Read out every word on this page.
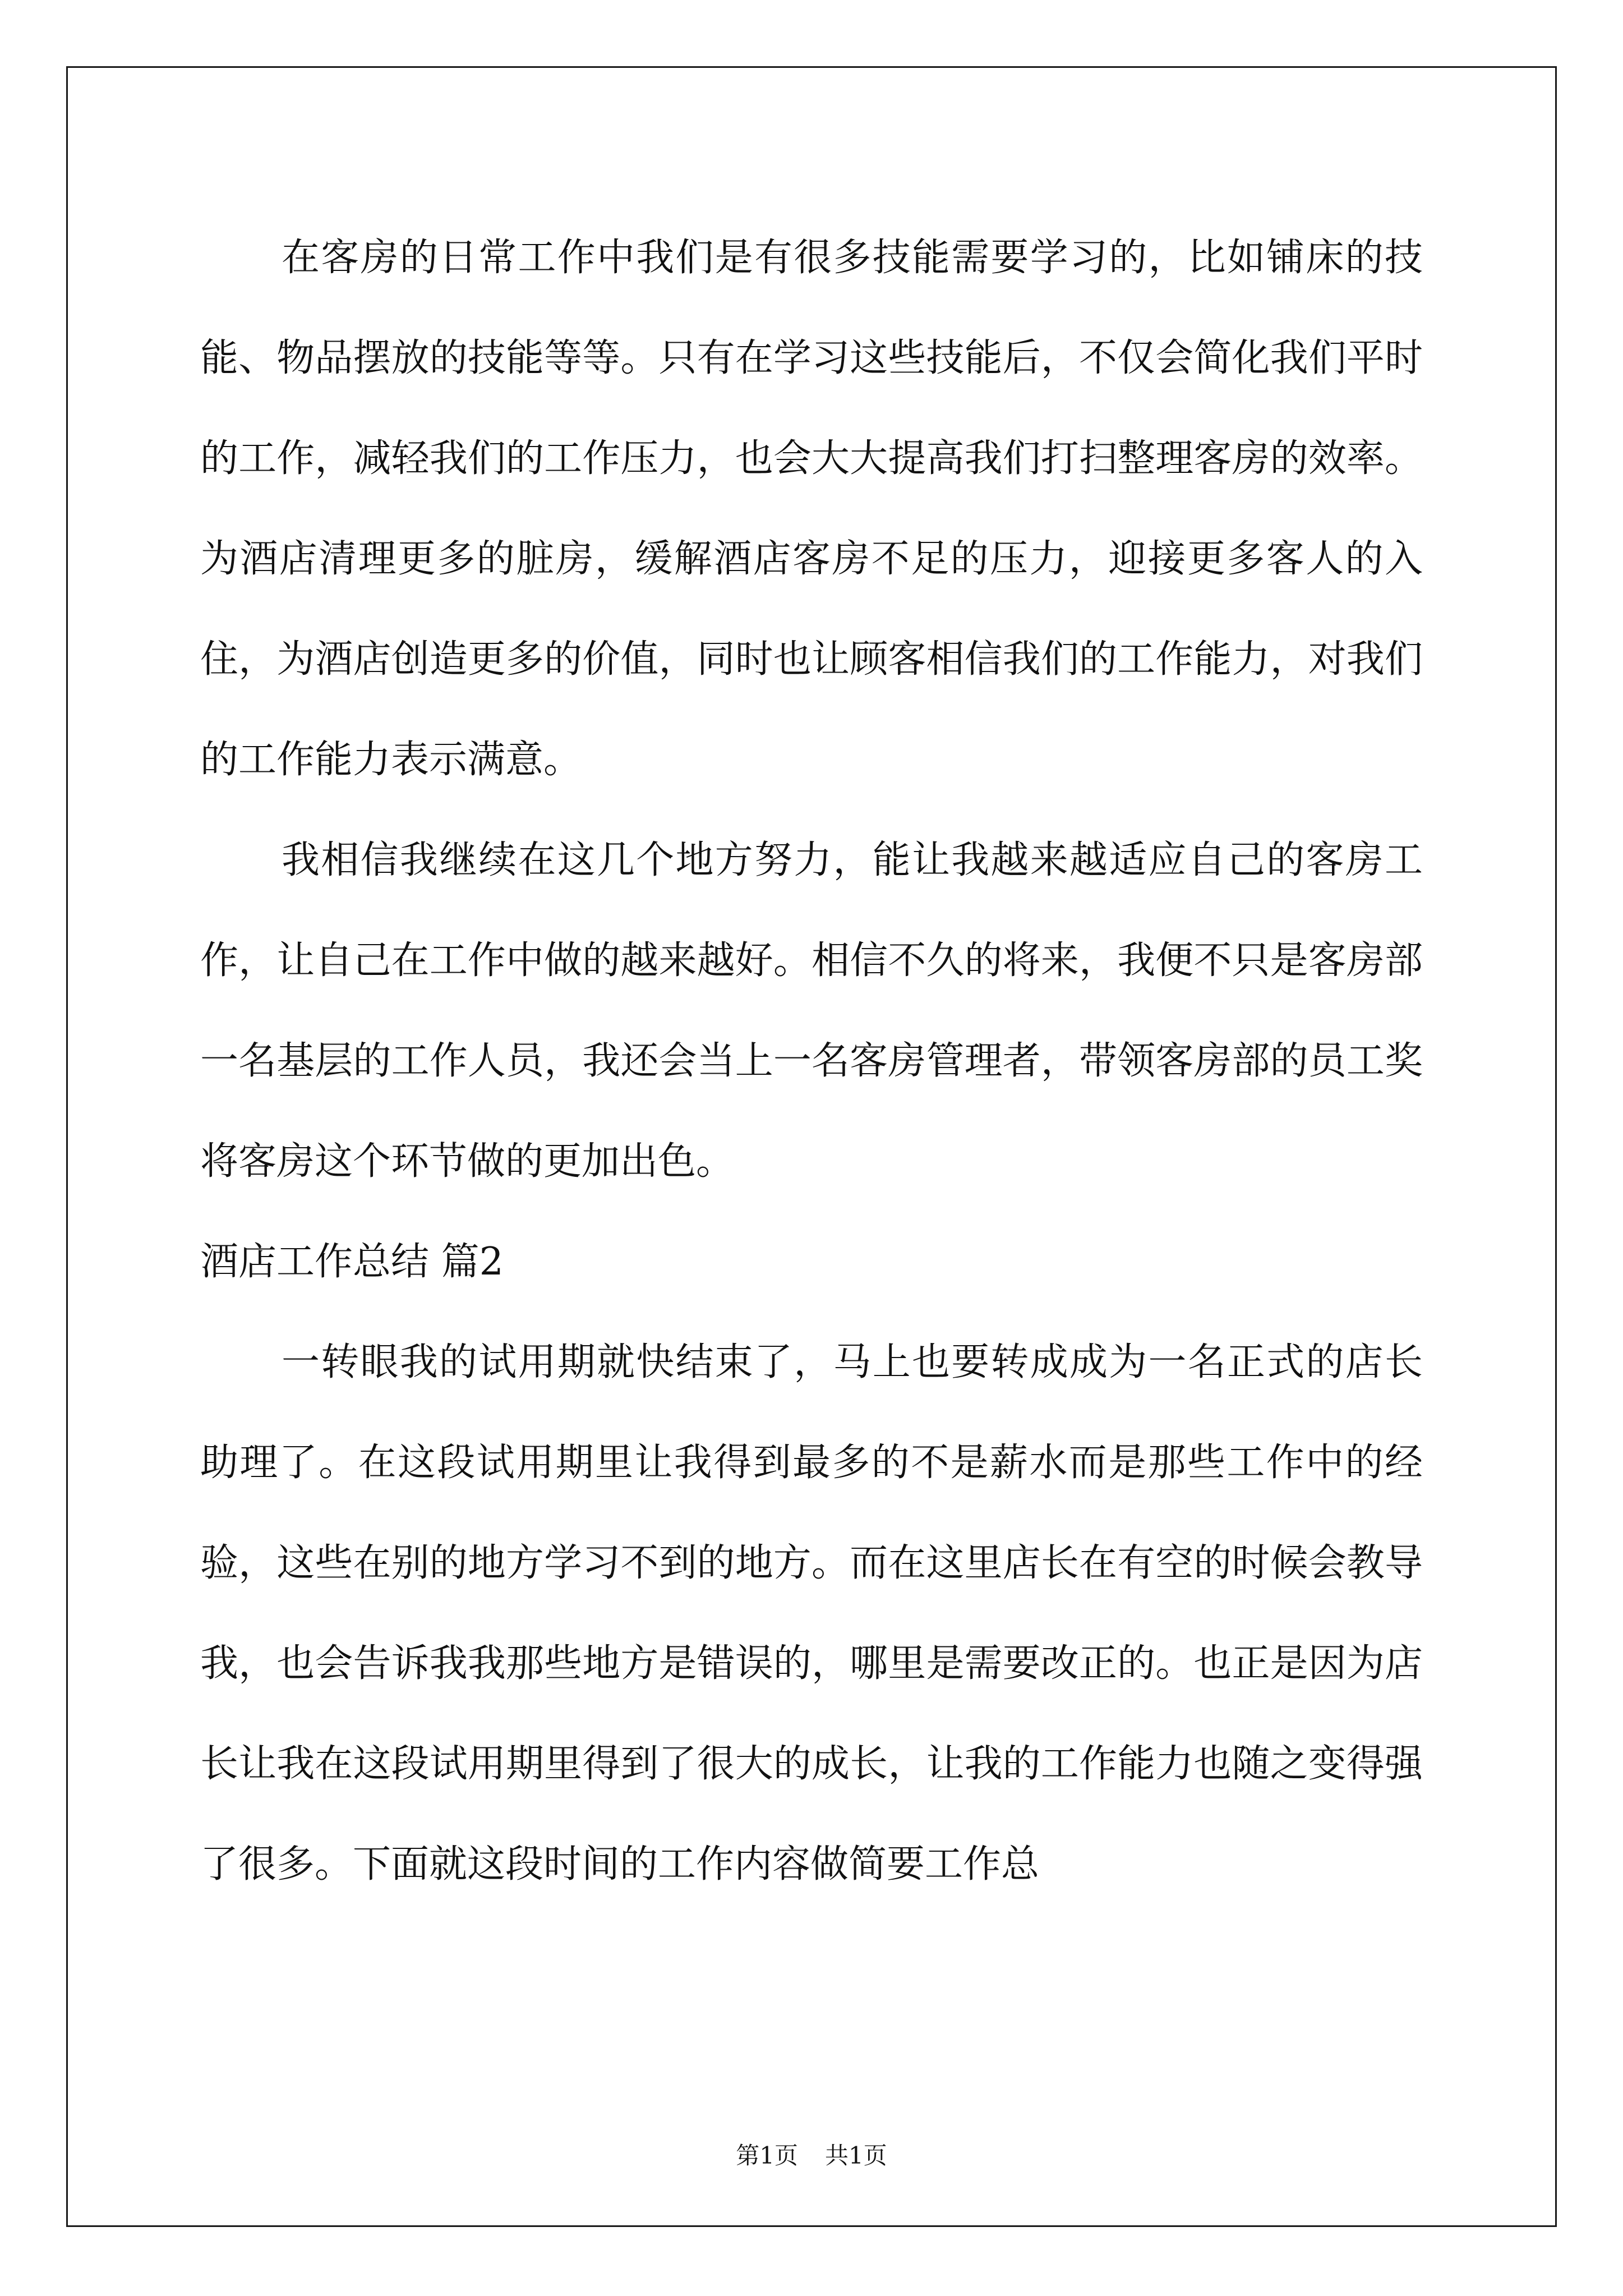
在客房的日常工作中我们是有很多技能需要学习的，比如铺床的技能、物品摆放的技能等等。只有在学习这些技能后，不仅会简化我们平时的工作，减轻我们的工作压力，也会大大提高我们打扫整理客房的效率。为酒店清理更多的脏房，缓解酒店客房不足的压力，迎接更多客人的入住，为酒店创造更多的价值，同时也让顾客相信我们的工作能力，对我们的工作能力表示满意。

我相信我继续在这几个地方努力，能让我越来越适应自己的客房工作，让自己在工作中做的越来越好。相信不久的将来，我便不只是客房部一名基层的工作人员，我还会当上一名客房管理者，带领客房部的员工奖将客房这个环节做的更加出色。

酒店工作总结 篇2

一转眼我的试用期就快结束了，马上也要转成成为一名正式的店长助理了。在这段试用期里让我得到最多的不是薪水而是那些工作中的经验，这些在别的地方学习不到的地方。而在这里店长在有空的时候会教导我，也会告诉我我那些地方是错误的，哪里是需要改正的。也正是因为店长让我在这段试用期里得到了很大的成长，让我的工作能力也随之变得强了很多。下面就这段时间的工作内容做简要工作总

第1页 共1页
